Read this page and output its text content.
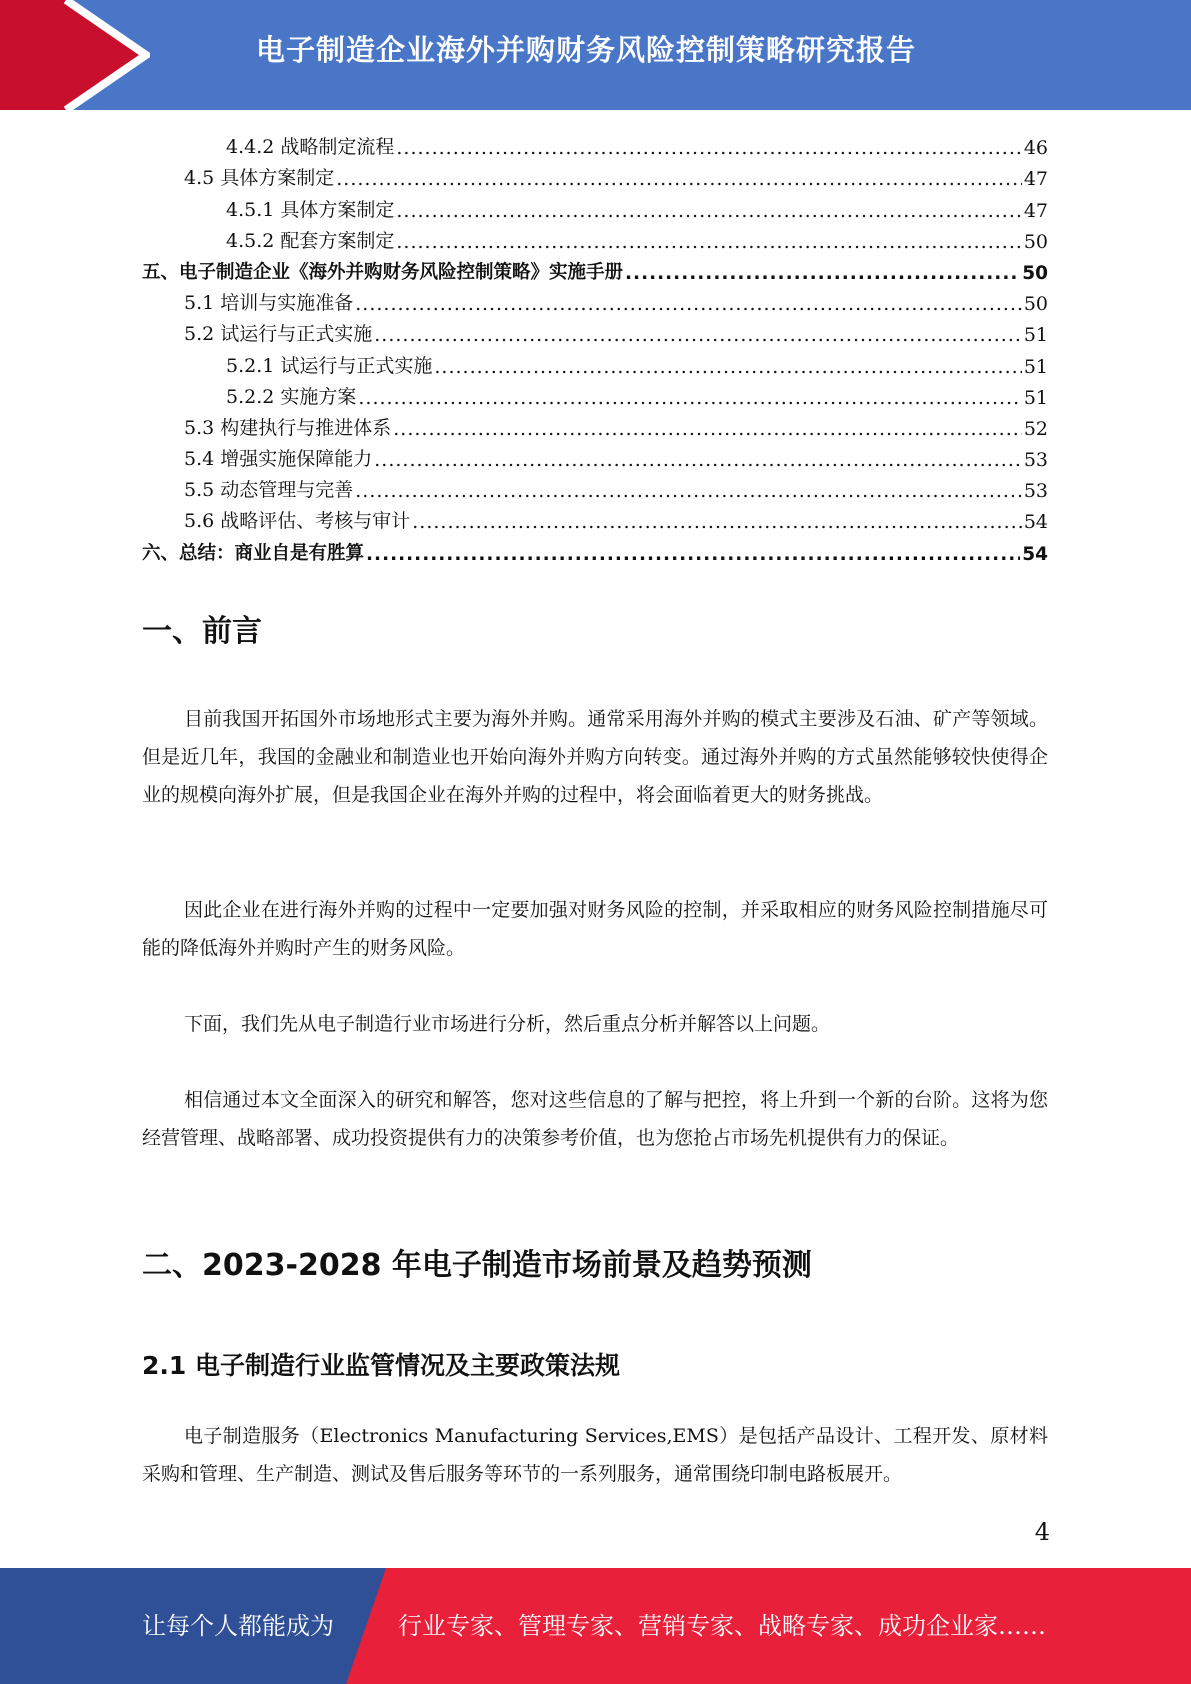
电子制造企业海外并购财务风险控制策略研究报告
4.4.2 战略制定流程 .....	46
4.5 具体方案制定 .....	47
4.5.1 具体方案制定 .....	47
4.5.2 配套方案制定 .....	50
五、电子制造企业《海外并购财务风险控制策略》实施手册 .....	50
5.1 培训与实施准备 .....	50
5.2 试运行与正式实施 .....	51
5.2.1 试运行与正式实施 .....	51
5.2.2 实施方案 .....	51
5.3 构建执行与推进体系 .....	52
5.4 增强实施保障能力 .....	53
5.5 动态管理与完善 .....	53
5.6 战略评估、考核与审计 .....	54
六、总结：商业自是有胜算 .....	54
一、前言

目前我国开拓国外市场地形式主要为海外并购。通常采用海外并购的模式主要涉及石油、矿产等领域。但是近几年，我国的金融业和制造业也开始向海外并购方向转变。通过海外并购的方式虽然能够较快使得企业的规模向海外扩展，但是我国企业在海外并购的过程中，将会面临着更大的财务挑战。

因此企业在进行海外并购的过程中一定要加强对财务风险的控制，并采取相应的财务风险控制措施尽可能的降低海外并购时产生的财务风险。

下面，我们先从电子制造行业市场进行分析，然后重点分析并解答以上问题。

相信通过本文全面深入的研究和解答，您对这些信息的了解与把控，将上升到一个新的台阶。这将为您经营管理、战略部署、成功投资提供有力的决策参考价值，也为您抢占市场先机提供有力的保证。

二、2023-2028 年电子制造市场前景及趋势预测
2.1 电子制造行业监管情况及主要政策法规

电子制造服务（Electronics Manufacturing Services,EMS）是包括产品设计、工程开发、原材料采购和管理、生产制造、测试及售后服务等环节的一系列服务，通常围绕印制电路板展开。

4
让每个人都能成为	行业专家、管理专家、营销专家、战略专家、成功企业家……
